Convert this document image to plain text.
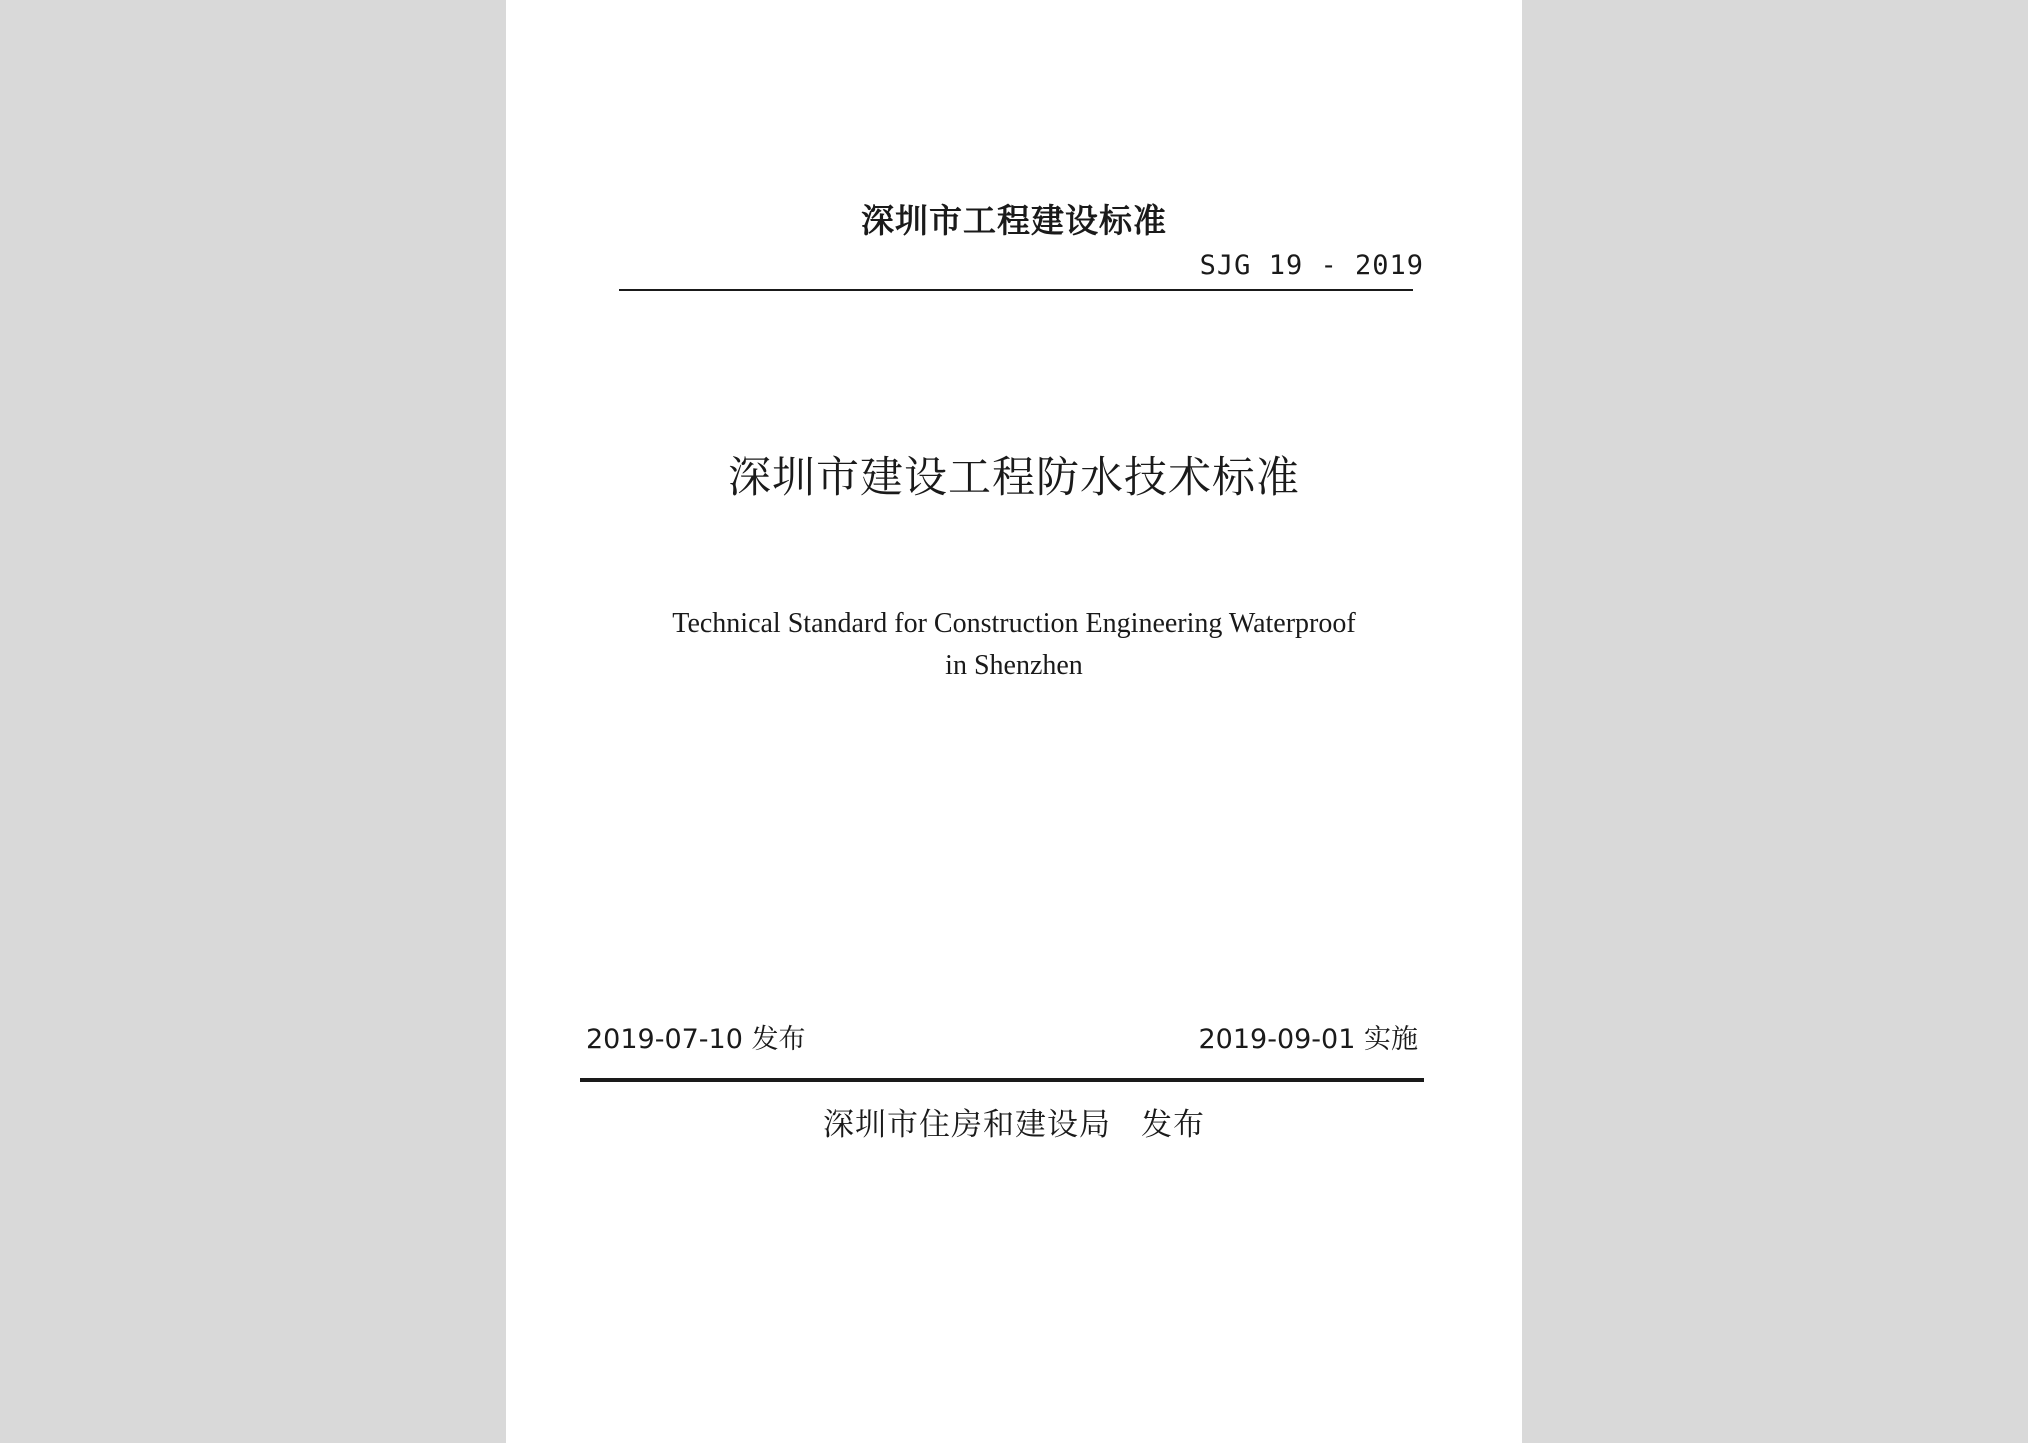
深圳市工程建设标准
SJG 19 - 2019
深圳市建设工程防水技术标准
Technical Standard for Construction Engineering Waterproof
in Shenzhen
2019-07-10 发布	2019-09-01 实施
深圳市住房和建设局 发布
